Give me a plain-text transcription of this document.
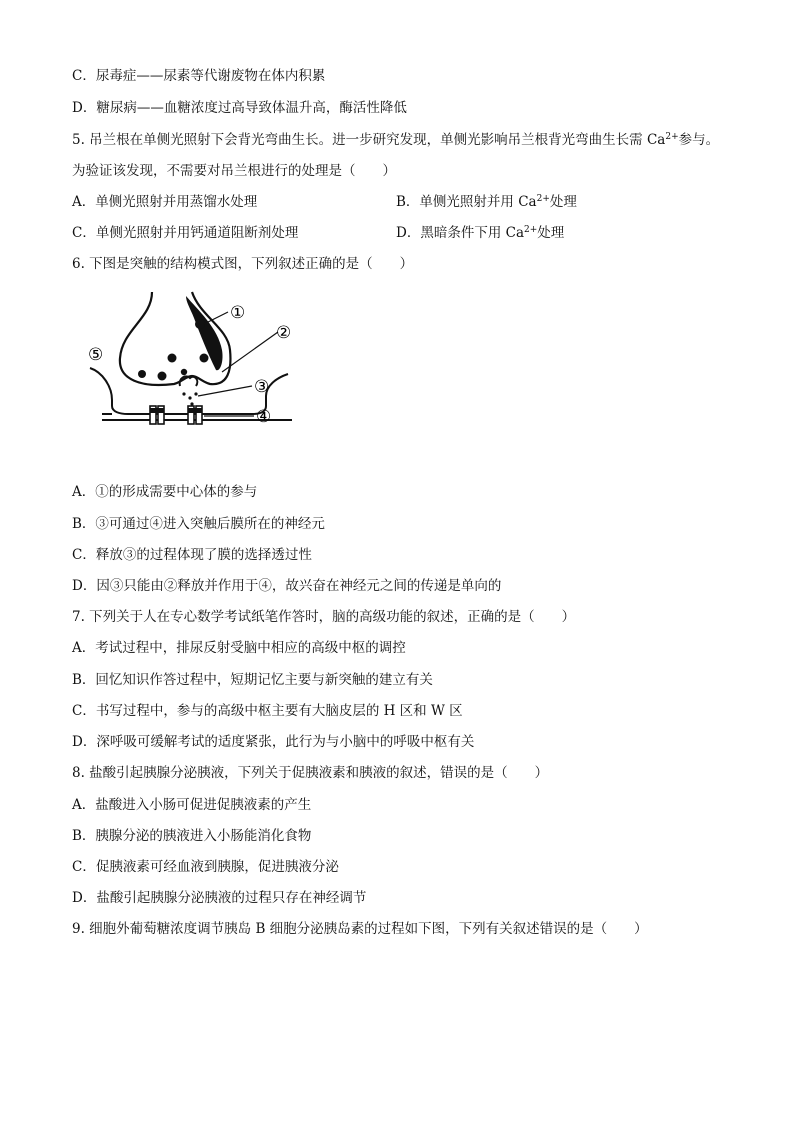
C．尿毒症——尿素等代谢废物在体内积累
D．糖尿病——血糖浓度过高导致体温升高，酶活性降低
5. 吊兰根在单侧光照射下会背光弯曲生长。进一步研究发现，单侧光影响吊兰根背光弯曲生长需 $Ca^{2+}$参与。
为验证该发现，不需要对吊兰根进行的处理是（　　）
A．单侧光照射并用蒸馏水处理	B．单侧光照射并用 $Ca^{2+}$处理
C．单侧光照射并用钙通道阻断剂处理	D．黑暗条件下用 $Ca^{2+}$处理
6. 下图是突触的结构模式图，下列叙述正确的是（　　）
①
②
③
④
⑤
A．①的形成需要中心体的参与
B．③可通过④进入突触后膜所在的神经元
C．释放③的过程体现了膜的选择透过性
D．因③只能由②释放并作用于④，故兴奋在神经元之间的传递是单向的
7. 下列关于人在专心数学考试纸笔作答时，脑的高级功能的叙述，正确的是（　　）
A．考试过程中，排尿反射受脑中相应的高级中枢的调控
B．回忆知识作答过程中，短期记忆主要与新突触的建立有关
C．书写过程中，参与的高级中枢主要有大脑皮层的 H 区和 W 区
D．深呼吸可缓解考试的适度紧张，此行为与小脑中的呼吸中枢有关
8. 盐酸引起胰腺分泌胰液，下列关于促胰液素和胰液的叙述，错误的是（　　）
A．盐酸进入小肠可促进促胰液素的产生
B．胰腺分泌的胰液进入小肠能消化食物
C．促胰液素可经血液到胰腺，促进胰液分泌
D．盐酸引起胰腺分泌胰液的过程只存在神经调节
9. 细胞外葡萄糖浓度调节胰岛 B 细胞分泌胰岛素的过程如下图，下列有关叙述错误的是（　　）
